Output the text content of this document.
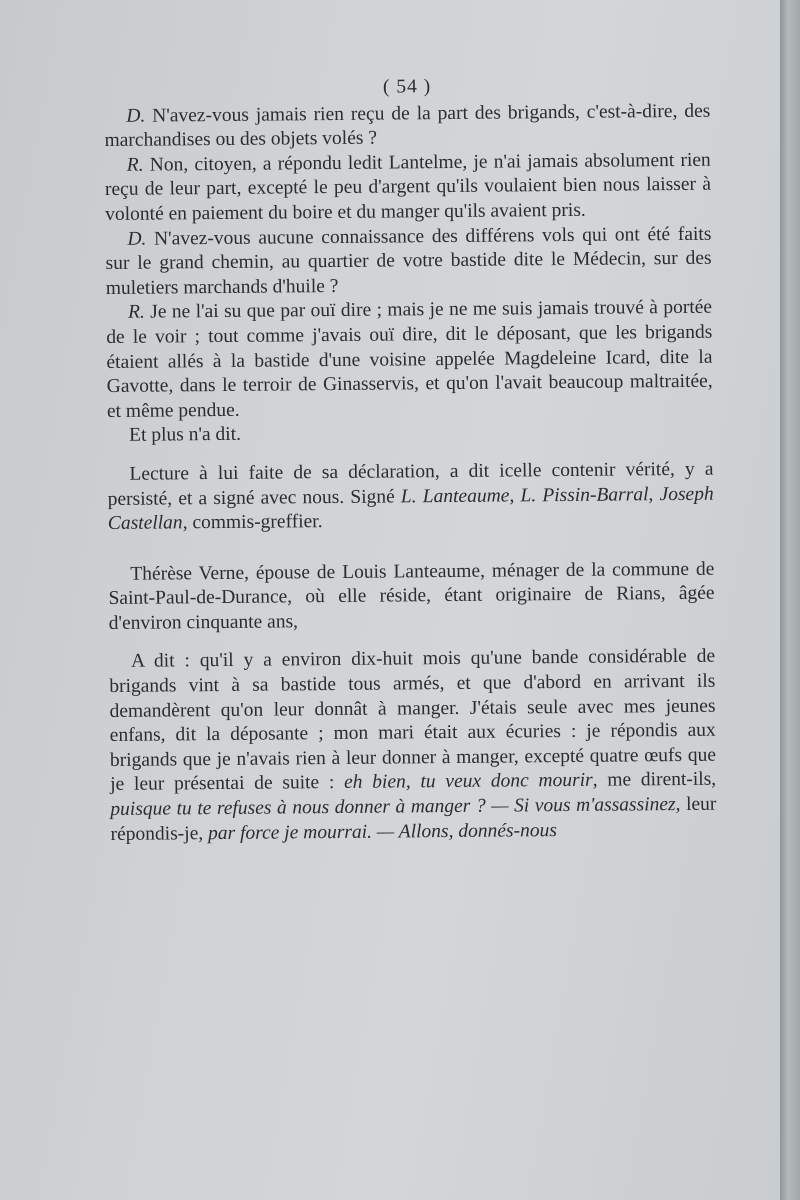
( 54 )

D. N'avez-vous jamais rien reçu de la part des brigands, c'est-à-dire, des marchandises ou des objets volés ?

R. Non, citoyen, a répondu ledit Lantelme, je n'ai jamais absolument rien reçu de leur part, excepté le peu d'argent qu'ils voulaient bien nous laisser à volonté en paiement du boire et du manger qu'ils avaient pris.

D. N'avez-vous aucune connaissance des différens vols qui ont été faits sur le grand chemin, au quartier de votre bastide dite le Médecin, sur des muletiers marchands d'huile ?

R. Je ne l'ai su que par ouï dire ; mais je ne me suis jamais trouvé à portée de le voir ; tout comme j'avais ouï dire, dit le déposant, que les brigands étaient allés à la bastide d'une voisine appelée Magdeleine Icard, dite la Gavotte, dans le terroir de Ginasservis, et qu'on l'avait beaucoup maltraitée, et même pendue.

Et plus n'a dit.

Lecture à lui faite de sa déclaration, a dit icelle contenir vérité, y a persisté, et a signé avec nous. Signé L. Lanteaume, L. Pissin-Barral, Joseph Castellan, commis-greffier.

Thérèse Verne, épouse de Louis Lanteaume, ménager de la commune de Saint-Paul-de-Durance, où elle réside, étant originaire de Rians, âgée d'environ cinquante ans,

A dit : qu'il y a environ dix-huit mois qu'une bande considérable de brigands vint à sa bastide tous armés, et que d'abord en arrivant ils demandèrent qu'on leur donnât à manger. J'étais seule avec mes jeunes enfans, dit la déposante ; mon mari était aux écuries : je répondis aux brigands que je n'avais rien à leur donner à manger, excepté quatre œufs que je leur présentai de suite : eh bien, tu veux donc mourir, me dirent-ils, puisque tu te refuses à nous donner à manger ? — Si vous m'assassinez, leur répondis-je, par force je mourrai. — Allons, donnés-nous
